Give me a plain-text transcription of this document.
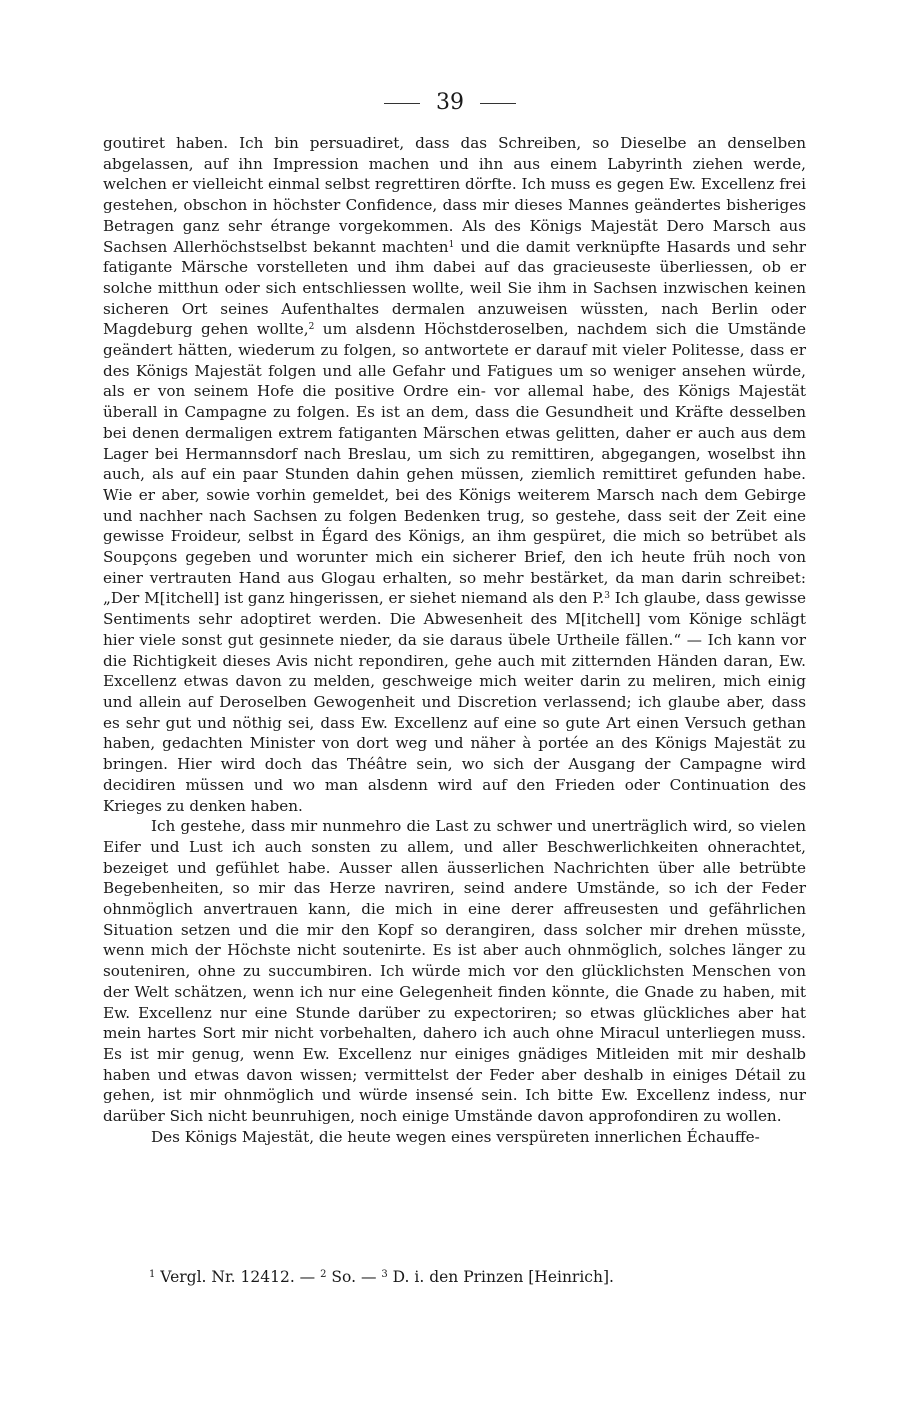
39

goutiret haben. Ich bin persuadiret, dass das Schreiben, so Dieselbe an denselben abgelassen, auf ihn Impression machen und ihn aus einem Labyrinth ziehen werde, welchen er vielleicht einmal selbst regrettiren dörfte. Ich muss es gegen Ew. Excellenz frei gestehen, obschon in höchster Confidence, dass mir dieses Mannes geändertes bisheriges Betragen ganz sehr étrange vorgekommen. Als des Königs Majestät Dero Marsch aus Sachsen Allerhöchstselbst bekannt machten$^1$ und die damit verknüpfte Hasards und sehr fatigante Märsche vorstelleten und ihm dabei auf das gracieuseste überliessen, ob er solche mitthun oder sich entschliessen wollte, weil Sie ihm in Sachsen inzwischen keinen sicheren Ort seines Aufenthaltes dermalen anzuweisen wüssten, nach Berlin oder Magdeburg gehen wollte,$^2$ um alsdenn Höchstderoselben, nachdem sich die Umstände geändert hätten, wiederum zu folgen, so antwortete er darauf mit vieler Politesse, dass er des Königs Majestät folgen und alle Gefahr und Fatigues um so weniger ansehen würde, als er von seinem Hofe die positive Ordre ein- vor allemal habe, des Königs Majestät überall in Campagne zu folgen. Es ist an dem, dass die Gesundheit und Kräfte desselben bei denen dermaligen extrem fatiganten Märschen etwas gelitten, daher er auch aus dem Lager bei Hermannsdorf nach Breslau, um sich zu remittiren, abgegangen, woselbst ihn auch, als auf ein paar Stunden dahin gehen müssen, ziemlich remittiret gefunden habe. Wie er aber, sowie vorhin gemeldet, bei des Königs weiterem Marsch nach dem Gebirge und nachher nach Sachsen zu folgen Bedenken trug, so gestehe, dass seit der Zeit eine gewisse Froideur, selbst in Égard des Königs, an ihm gespüret, die mich so betrübet als Soupçons gegeben und worunter mich ein sicherer Brief, den ich heute früh noch von einer vertrauten Hand aus Glogau erhalten, so mehr bestärket, da man darin schreibet: „Der M[itchell] ist ganz hingerissen, er siehet niemand als den P.$^3$ Ich glaube, dass gewisse Sentiments sehr adoptiret werden. Die Abwesenheit des M[itchell] vom Könige schlägt hier viele sonst gut gesinnete nieder, da sie daraus übele Urtheile fällen.“ — Ich kann vor die Richtigkeit dieses Avis nicht repondiren, gehe auch mit zitternden Händen daran, Ew. Excellenz etwas davon zu melden, geschweige mich weiter darin zu meliren, mich einig und allein auf Deroselben Gewogenheit und Discretion verlassend; ich glaube aber, dass es sehr gut und nöthig sei, dass Ew. Excellenz auf eine so gute Art einen Versuch gethan haben, gedachten Minister von dort weg und näher à portée an des Königs Majestät zu bringen. Hier wird doch das Théâtre sein, wo sich der Ausgang der Campagne wird decidiren müssen und wo man alsdenn wird auf den Frieden oder Continuation des Krieges zu denken haben.

Ich gestehe, dass mir nunmehro die Last zu schwer und unerträglich wird, so vielen Eifer und Lust ich auch sonsten zu allem, und aller Beschwerlichkeiten ohnerachtet, bezeiget und gefühlet habe. Ausser allen äusserlichen Nachrichten über alle betrübte Begebenheiten, so mir das Herze navriren, seind andere Umstände, so ich der Feder ohnmöglich anvertrauen kann, die mich in eine derer affreusesten und gefährlichen Situation setzen und die mir den Kopf so derangiren, dass solcher mir drehen müsste, wenn mich der Höchste nicht soutenirte. Es ist aber auch ohnmöglich, solches länger zu souteniren, ohne zu succumbiren. Ich würde mich vor den glücklichsten Menschen von der Welt schätzen, wenn ich nur eine Gelegenheit finden könnte, die Gnade zu haben, mit Ew. Excellenz nur eine Stunde darüber zu expectoriren; so etwas glückliches aber hat mein hartes Sort mir nicht vorbehalten, dahero ich auch ohne Miracul unterliegen muss. Es ist mir genug, wenn Ew. Excellenz nur einiges gnädiges Mitleiden mit mir deshalb haben und etwas davon wissen; vermittelst der Feder aber deshalb in einiges Détail zu gehen, ist mir ohnmöglich und würde insensé sein. Ich bitte Ew. Excellenz indess, nur darüber Sich nicht beunruhigen, noch einige Umstände davon approfondiren zu wollen.

Des Königs Majestät, die heute wegen eines verspüreten innerlichen Échauffe-

$^1$ Vergl. Nr. 12412. — $^2$ So. — $^3$ D. i. den Prinzen [Heinrich].
